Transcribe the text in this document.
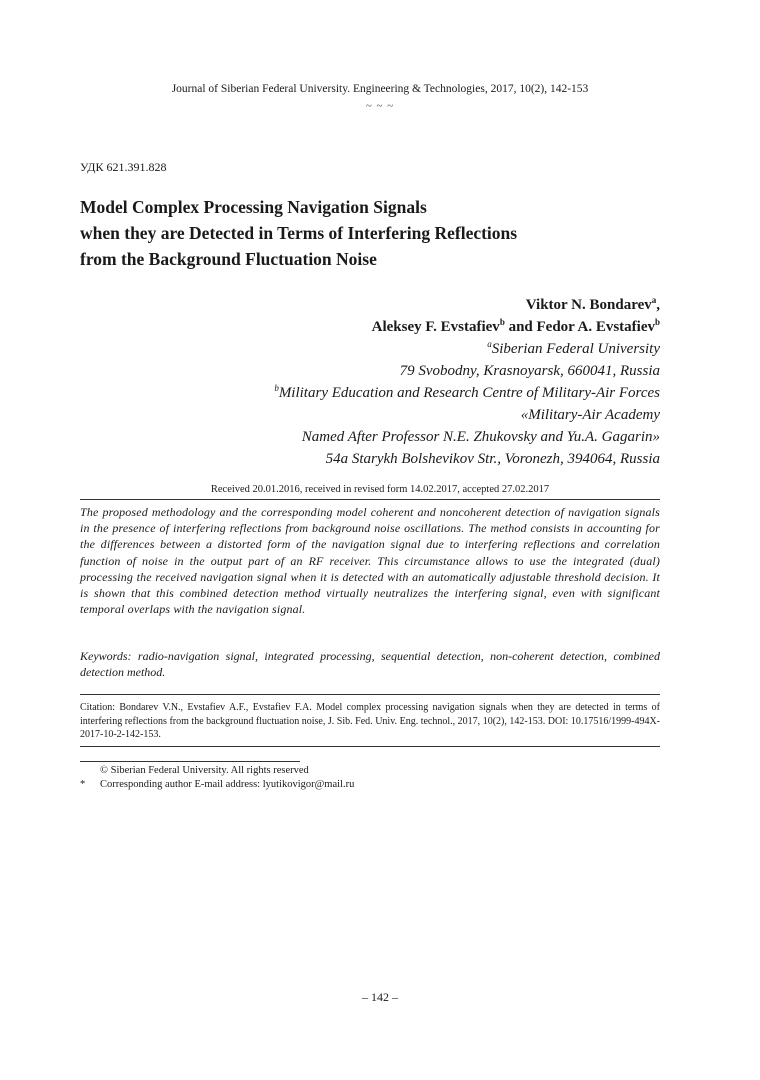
Journal of Siberian Federal University. Engineering & Technologies, 2017, 10(2), 142-153
~ ~ ~
УДК 621.391.828
Model Complex Processing Navigation Signals
when they are Detected in Terms of Interfering Reflections
from the Background Fluctuation Noise
Viktor N. Bondarev$^a$,
Aleksey F. Evstafiev$^b$ and Fedor A. Evstafiev$^b$
$^a$Siberian Federal University
79 Svobodny, Krasnoyarsk, 660041, Russia
$^b$Military Education and Research Centre of Military-Air Forces
«Military-Air Academy
Named After Professor N.E. Zhukovsky and Yu.A. Gagarin»
54a Starykh Bolshevikov Str., Voronezh, 394064, Russia
Received 20.01.2016, received in revised form 14.02.2017, accepted 27.02.2017
The proposed methodology and the corresponding model coherent and noncoherent detection of navigation signals in the presence of interfering reflections from background noise oscillations. The method consists in accounting for the differences between a distorted form of the navigation signal due to interfering reflections and correlation function of noise in the output part of an RF receiver. This circumstance allows to use the integrated (dual) processing the received navigation signal when it is detected with an automatically adjustable threshold decision. It is shown that this combined detection method virtually neutralizes the interfering signal, even with significant temporal overlaps with the navigation signal.
Keywords: radio-navigation signal, integrated processing, sequential detection, non-coherent detection, combined detection method.
Citation: Bondarev V.N., Evstafiev A.F., Evstafiev F.A. Model complex processing navigation signals when they are detected in terms of interfering reflections from the background fluctuation noise, J. Sib. Fed. Univ. Eng. technol., 2017, 10(2), 142-153. DOI: 10.17516/1999-494X-2017-10-2-142-153.
© Siberian Federal University. All rights reserved
*	Corresponding author E-mail address: lyutikovigor@mail.ru
– 142 –
